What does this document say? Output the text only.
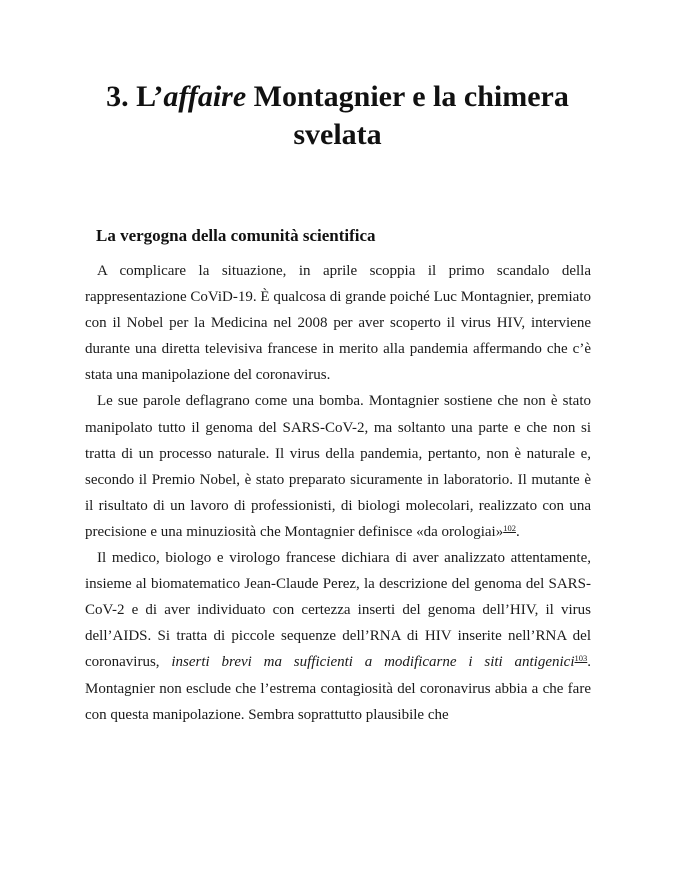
3. L’affaire Montagnier e la chimera svelata
La vergogna della comunità scientifica

A complicare la situazione, in aprile scoppia il primo scandalo della rappresentazione CoViD-19. È qualcosa di grande poiché Luc Montagnier, premiato con il Nobel per la Medicina nel 2008 per aver scoperto il virus HIV, interviene durante una diretta televisiva francese in merito alla pandemia affermando che c’è stata una manipolazione del coronavirus.

Le sue parole deflagrano come una bomba. Montagnier sostiene che non è stato manipolato tutto il genoma del SARS-CoV-2, ma soltanto una parte e che non si tratta di un processo naturale. Il virus della pandemia, pertanto, non è naturale e, secondo il Premio Nobel, è stato preparato sicuramente in laboratorio. Il mutante è il risultato di un lavoro di professionisti, di biologi molecolari, realizzato con una precisione e una minuziosità che Montagnier definisce «da orologiai»$^{102}$.

Il medico, biologo e virologo francese dichiara di aver analizzato attentamente, insieme al biomatematico Jean-Claude Perez, la descrizione del genoma del SARS-CoV-2 e di aver individuato con certezza inserti del genoma dell’HIV, il virus dell’AIDS. Si tratta di piccole sequenze dell’RNA di HIV inserite nell’RNA del coronavirus, inserti brevi ma sufficienti a modificarne i siti antigenici$^{103}$. Montagnier non esclude che l’estrema contagiosità del coronavirus abbia a che fare con questa manipolazione. Sembra soprattutto plausibile che
